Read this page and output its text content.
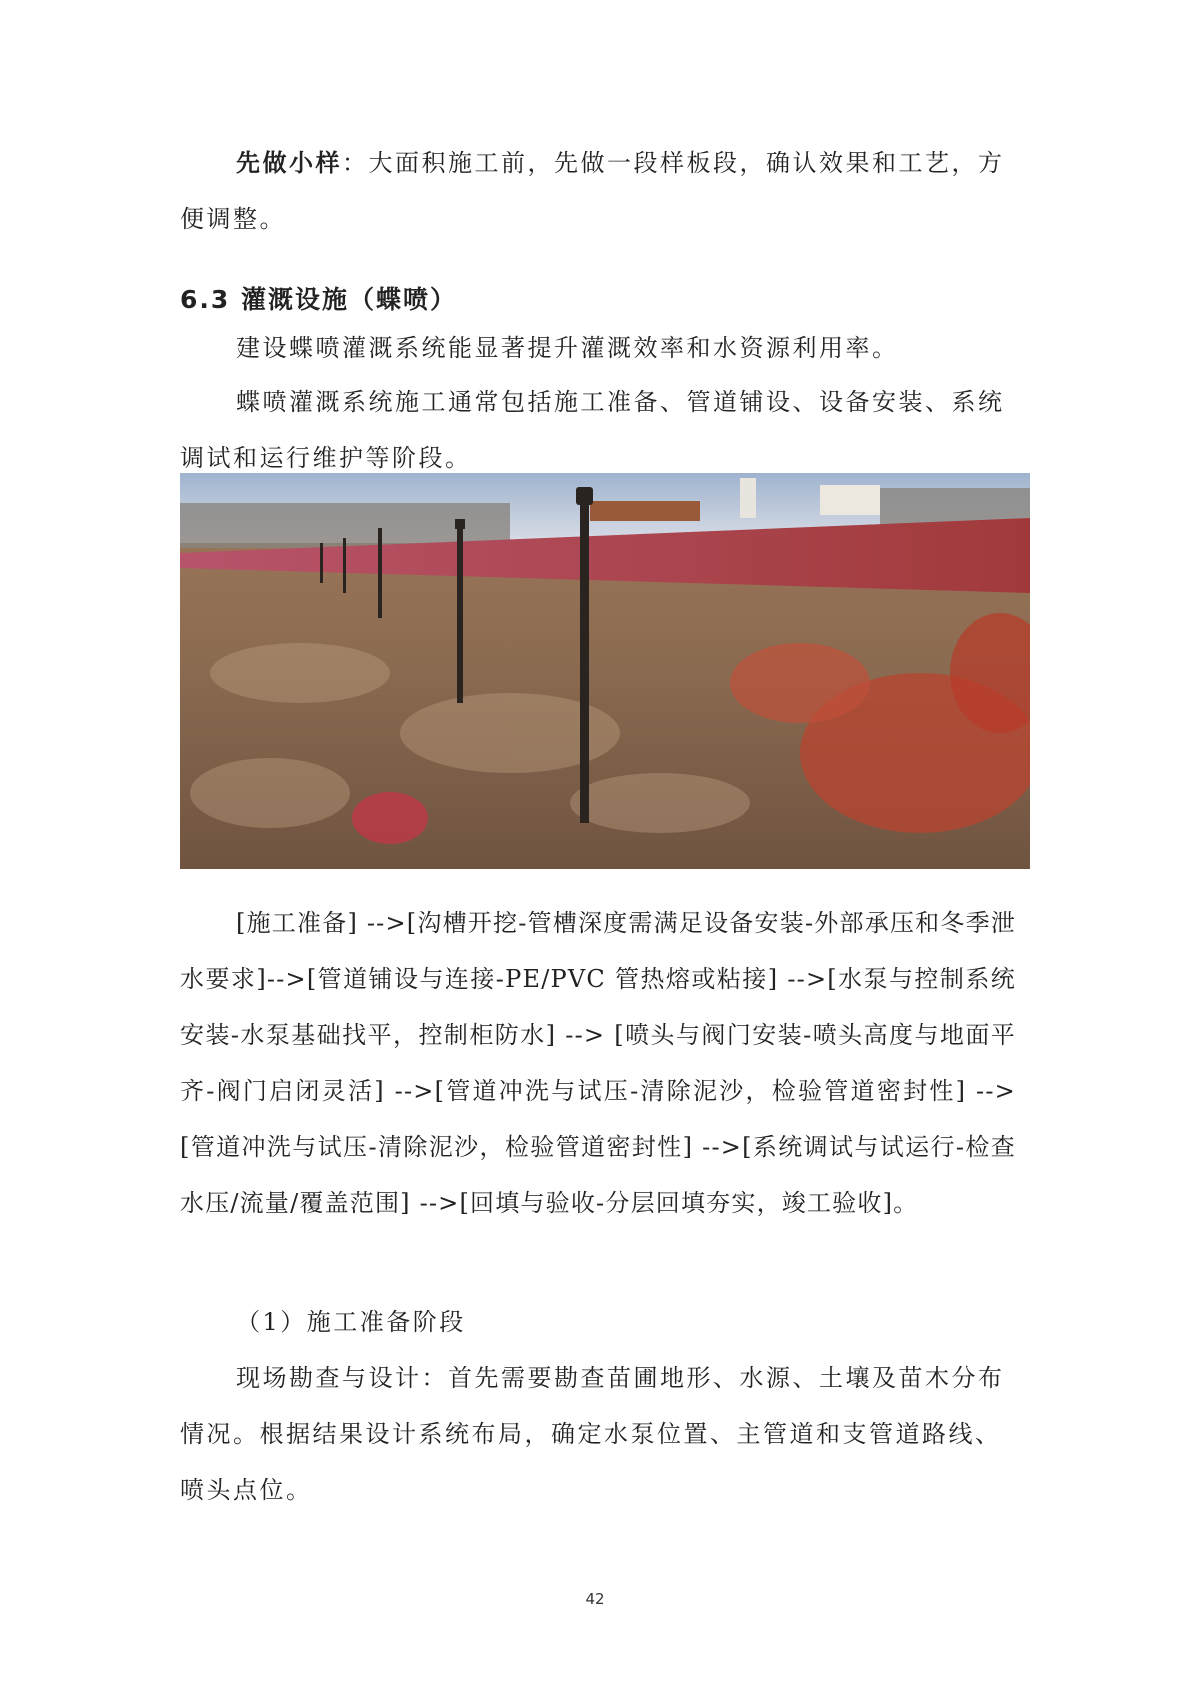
先做小样：大面积施工前，先做一段样板段，确认效果和工艺，方便调整。

6.3 灌溉设施（蝶喷）

建设蝶喷灌溉系统能显著提升灌溉效率和水资源利用率。

蝶喷灌溉系统施工通常包括施工准备、管道铺设、设备安装、系统调试和运行维护等阶段。

[施工准备] -->[沟槽开挖-管槽深度需满足设备安装-外部承压和冬季泄水要求]-->[管道铺设与连接-PE/PVC 管热熔或粘接] -->[水泵与控制系统安装-水泵基础找平，控制柜防水] --> [喷头与阀门安装-喷头高度与地面平齐-阀门启闭灵活] -->[管道冲洗与试压-清除泥沙，检验管道密封性] -->[管道冲洗与试压-清除泥沙，检验管道密封性] -->[系统调试与试运行-检查水压/流量/覆盖范围] -->[回填与验收-分层回填夯实，竣工验收]。

（1）施工准备阶段

现场勘查与设计：首先需要勘查苗圃地形、水源、土壤及苗木分布情况。根据结果设计系统布局，确定水泵位置、主管道和支管道路线、喷头点位。

42
